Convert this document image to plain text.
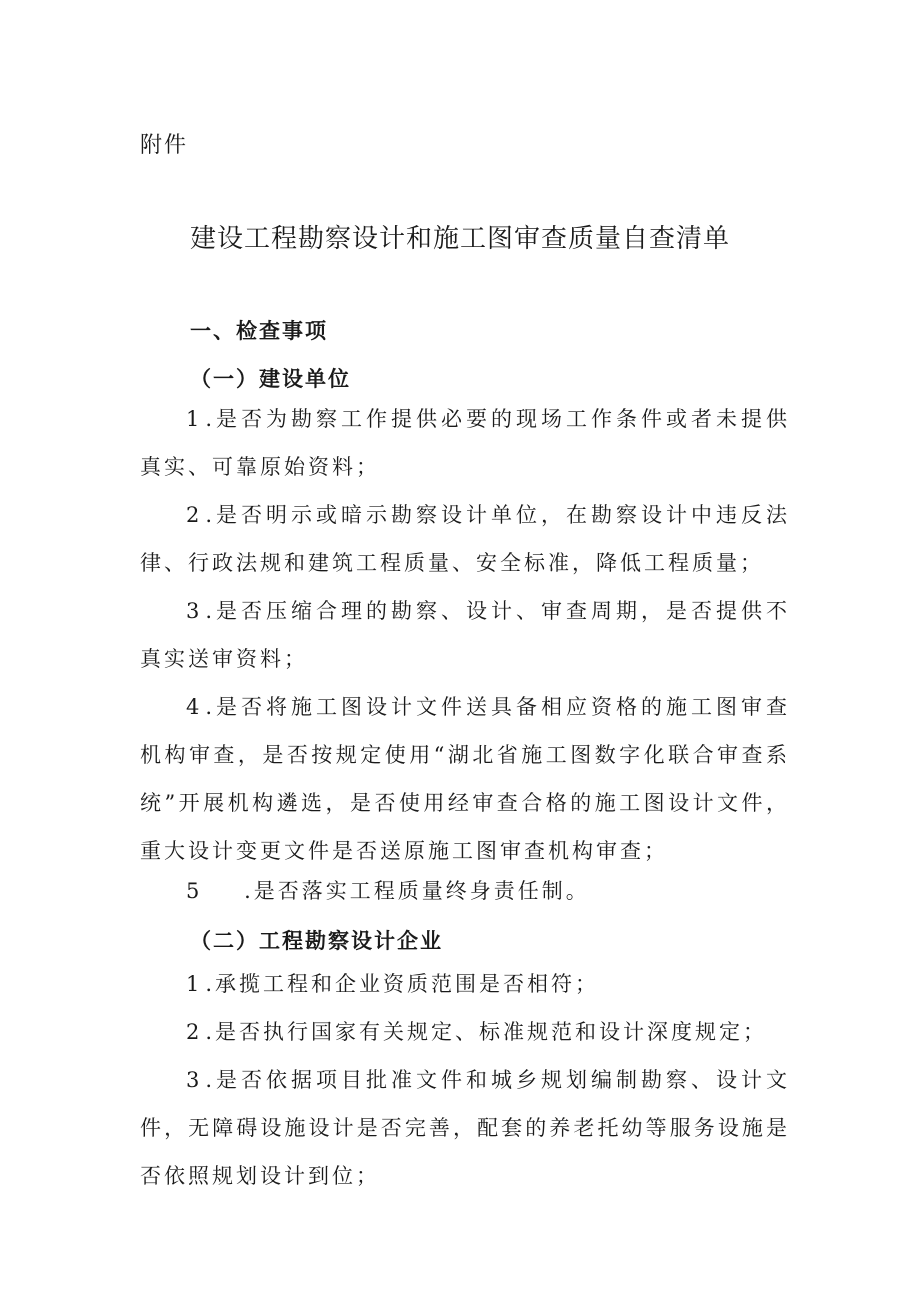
附件
建设工程勘察设计和施工图审查质量自查清单
一、检查事项
（一）建设单位

1.是否为勘察工作提供必要的现场工作条件或者未提供真实、可靠原始资料；

2.是否明示或暗示勘察设计单位，在勘察设计中违反法律、行政法规和建筑工程质量、安全标准，降低工程质量；

3.是否压缩合理的勘察、设计、审查周期，是否提供不真实送审资料；

4.是否将施工图设计文件送具备相应资格的施工图审查机构审查，是否按规定使用“湖北省施工图数字化联合审查系统”开展机构遴选，是否使用经审查合格的施工图设计文件，重大设计变更文件是否送原施工图审查机构审查；

5    .是否落实工程质量终身责任制。

（二）工程勘察设计企业

1.承揽工程和企业资质范围是否相符；

2.是否执行国家有关规定、标准规范和设计深度规定；

3.是否依据项目批准文件和城乡规划编制勘察、设计文件，无障碍设施设计是否完善，配套的养老托幼等服务设施是否依照规划设计到位；
